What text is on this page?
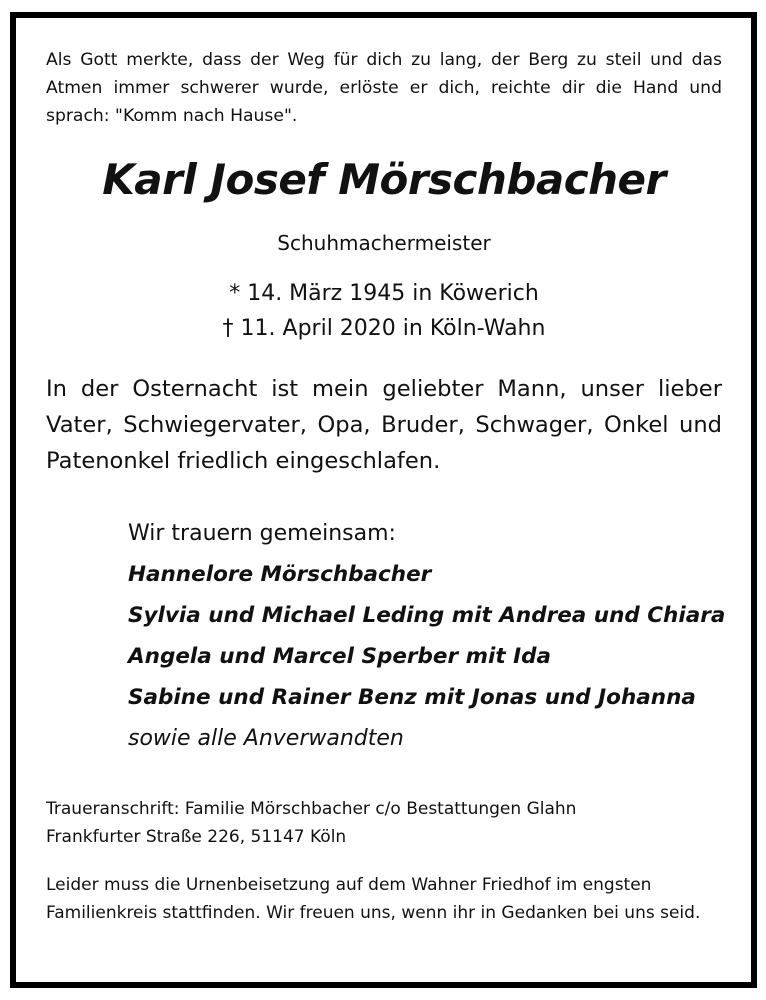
Als Gott merkte, dass der Weg für dich zu lang, der Berg zu steil und das Atmen immer schwerer wurde, erlöste er dich, reichte dir die Hand und sprach: "Komm nach Hause".

Karl Josef Mörschbacher
Schuhmachermeister
* 14. März 1945 in Köwerich
† 11. April 2020 in Köln-Wahn

In der Osternacht ist mein geliebter Mann, unser lieber Vater, Schwiegervater, Opa, Bruder, Schwager, Onkel und Patenonkel friedlich eingeschlafen.

Wir trauern gemeinsam:
Hannelore Mörschbacher
Sylvia und Michael Leding mit Andrea und Chiara
Angela und Marcel Sperber mit Ida
Sabine und Rainer Benz mit Jonas und Johanna
sowie alle Anverwandten
Traueranschrift: Familie Mörschbacher c/o Bestattungen Glahn
Frankfurter Straße 226, 51147 Köln

Leider muss die Urnenbeisetzung auf dem Wahner Friedhof im engsten Familienkreis stattfinden. Wir freuen uns, wenn ihr in Gedanken bei uns seid.
